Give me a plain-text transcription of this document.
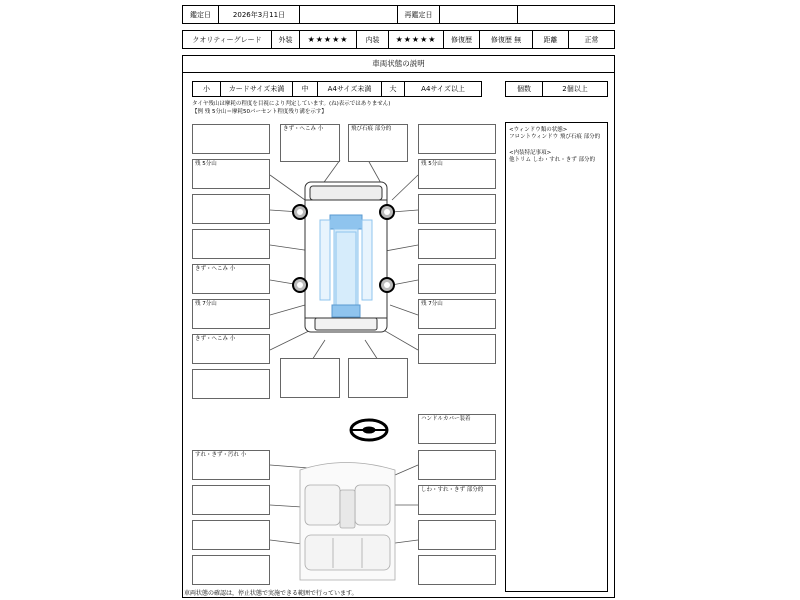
鑑定日	2026年3月11日	再鑑定日
クオリティーグレード	外装	★★★★★	内装	★★★★★	修復歴	修復歴 無	距離	正常
車両状態の説明
小	カードサイズ未満	中	A4サイズ未満	大	A4サイズ以上	個数	2個以上
タイヤ残山は摩耗の程度を目視により判定しています。(ね)表示ではありません)
【例 残 5分山＝摩耗50パーセント程度残り溝を示す】
<ウィンドウ類の状態>
フロントウィンドウ 飛び石痕 部分的
<内装特記事項>
他トリム しわ・すれ・きず 部分的
残 5分山
きず・へこみ 小
残 7分山
きず・へこみ 小
きず・へこみ 小	飛び石痕 部分的
残 5分山
残 7分山
ハンドルカバー装着
すれ・きず・汚れ 小
しわ・すれ・きず 部分的
車両状態の確認は，停止状態で実施できる範囲で行っています。
